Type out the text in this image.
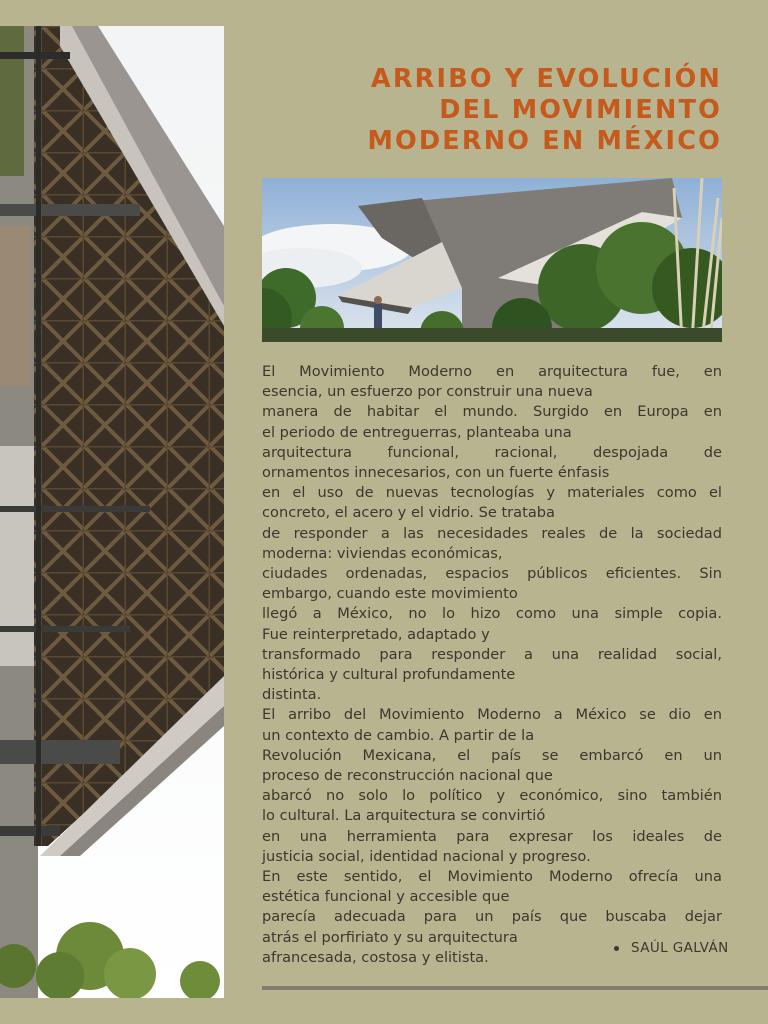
ARRIBO Y EVOLUCIÓN
DEL MOVIMIENTO
MODERNO EN MÉXICO

El Movimiento Moderno en arquitectura fue, en

esencia, un esfuerzo por construir una nueva

manera de habitar el mundo. Surgido en Europa en

el periodo de entreguerras, planteaba una

arquitectura funcional, racional, despojada de

ornamentos innecesarios, con un fuerte énfasis

en el uso de nuevas tecnologías y materiales como el

concreto, el acero y el vidrio. Se trataba

de responder a las necesidades reales de la sociedad

moderna: viviendas económicas,

ciudades ordenadas, espacios públicos eficientes. Sin

embargo, cuando este movimiento

llegó a México, no lo hizo como una simple copia.

Fue reinterpretado, adaptado y

transformado para responder a una realidad social,

histórica y cultural profundamente

distinta.

El arribo del Movimiento Moderno a México se dio en

un contexto de cambio. A partir de la

Revolución Mexicana, el país se embarcó en un

proceso de reconstrucción nacional que

abarcó no solo lo político y económico, sino también

lo cultural. La arquitectura se convirtió

en una herramienta para expresar los ideales de

justicia social, identidad nacional y progreso.

En este sentido, el Movimiento Moderno ofrecía una

estética funcional y accesible que

parecía adecuada para un país que buscaba dejar

atrás el porfiriato y su arquitectura

afrancesada, costosa y elitista.

SAÚL GALVÁN
